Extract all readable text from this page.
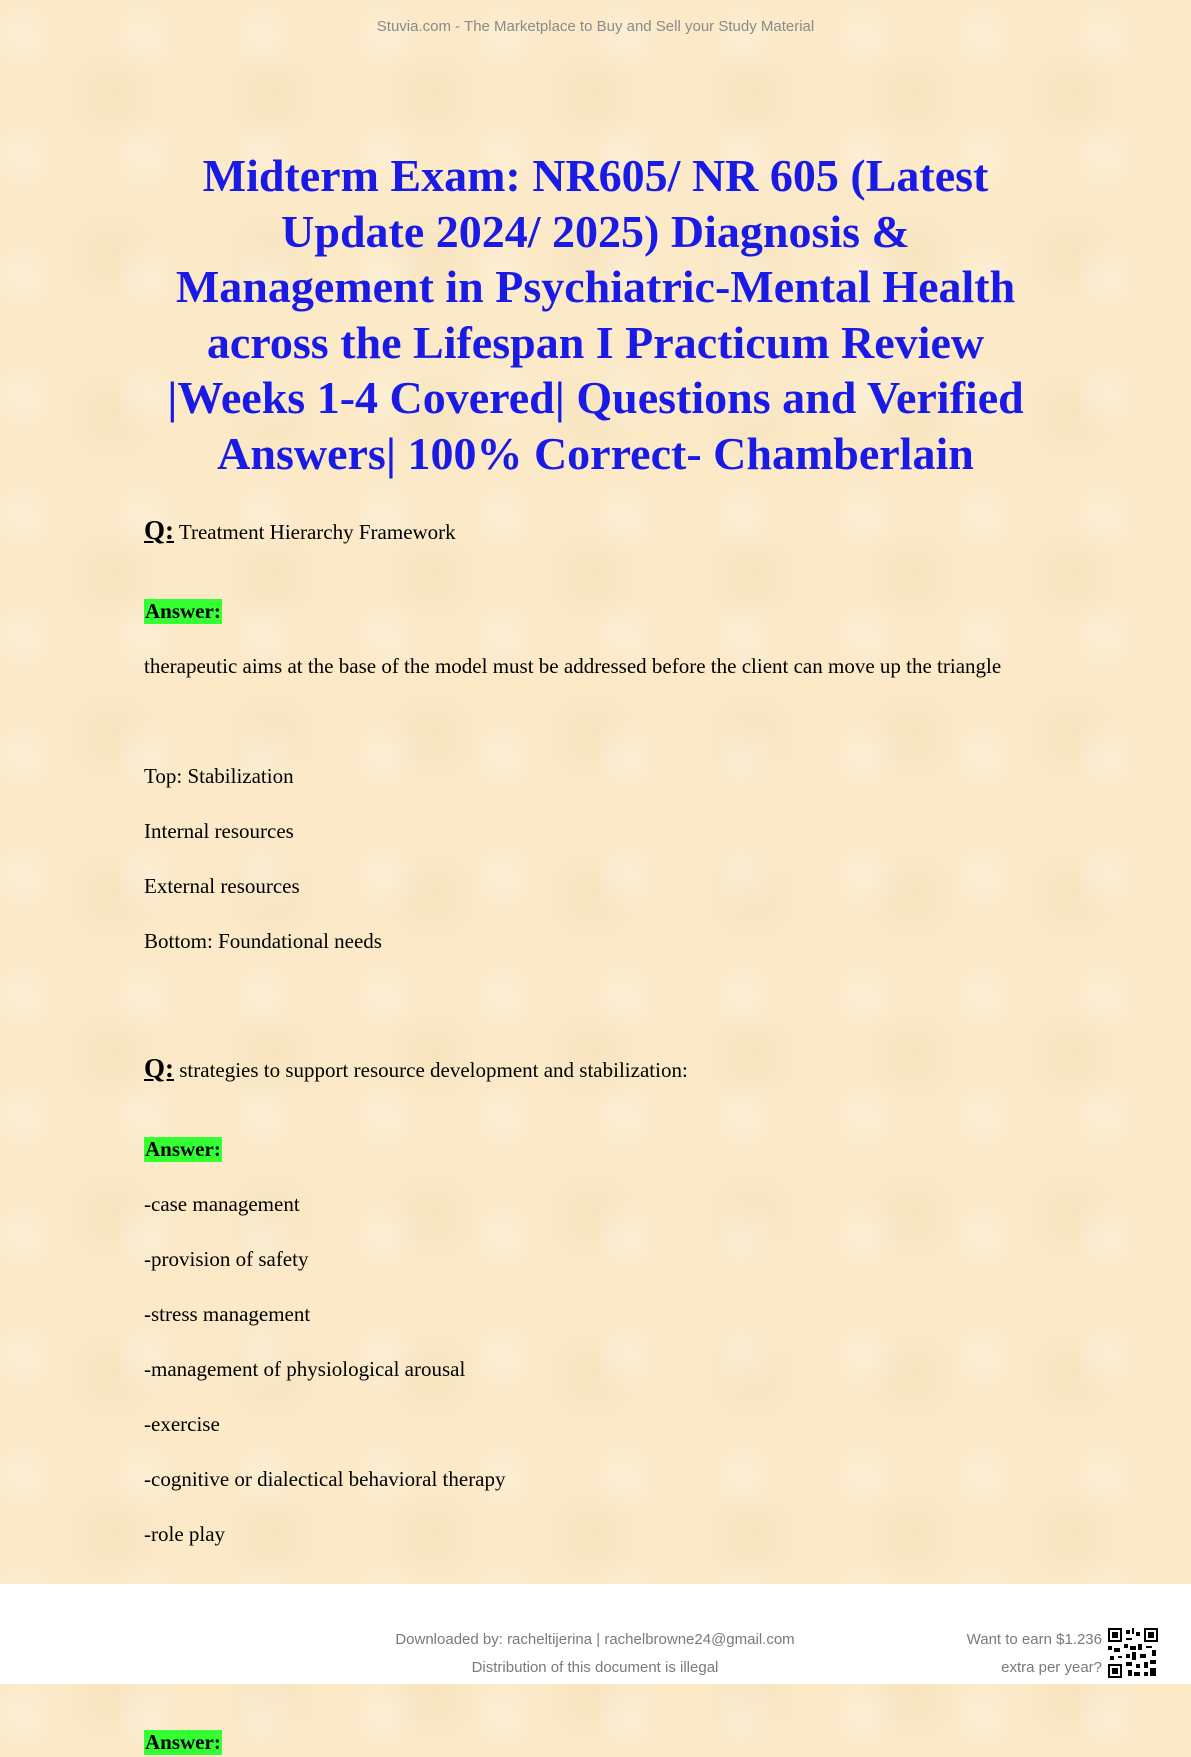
Stuvia.com - The Marketplace to Buy and Sell your Study Material
Midterm Exam: NR605/ NR 605 (Latest Update 2024/ 2025) Diagnosis & Management in Psychiatric-Mental Health across the Lifespan I Practicum Review |Weeks 1-4 Covered| Questions and Verified Answers| 100% Correct- Chamberlain
Q: Treatment Hierarchy Framework
Answer:

therapeutic aims at the base of the model must be addressed before the client can move up the triangle

Top: Stabilization

Internal resources

External resources

Bottom: Foundational needs

Q: strategies to support resource development and stabilization:
Answer:

-case management

-provision of safety

-stress management

-management of physiological arousal

-exercise

-cognitive or dialectical behavioral therapy

-role play

Answer:
Downloaded by: racheltijerina | rachelbrowne24@gmail.com
Distribution of this document is illegal
Want to earn $1.236
extra per year?
